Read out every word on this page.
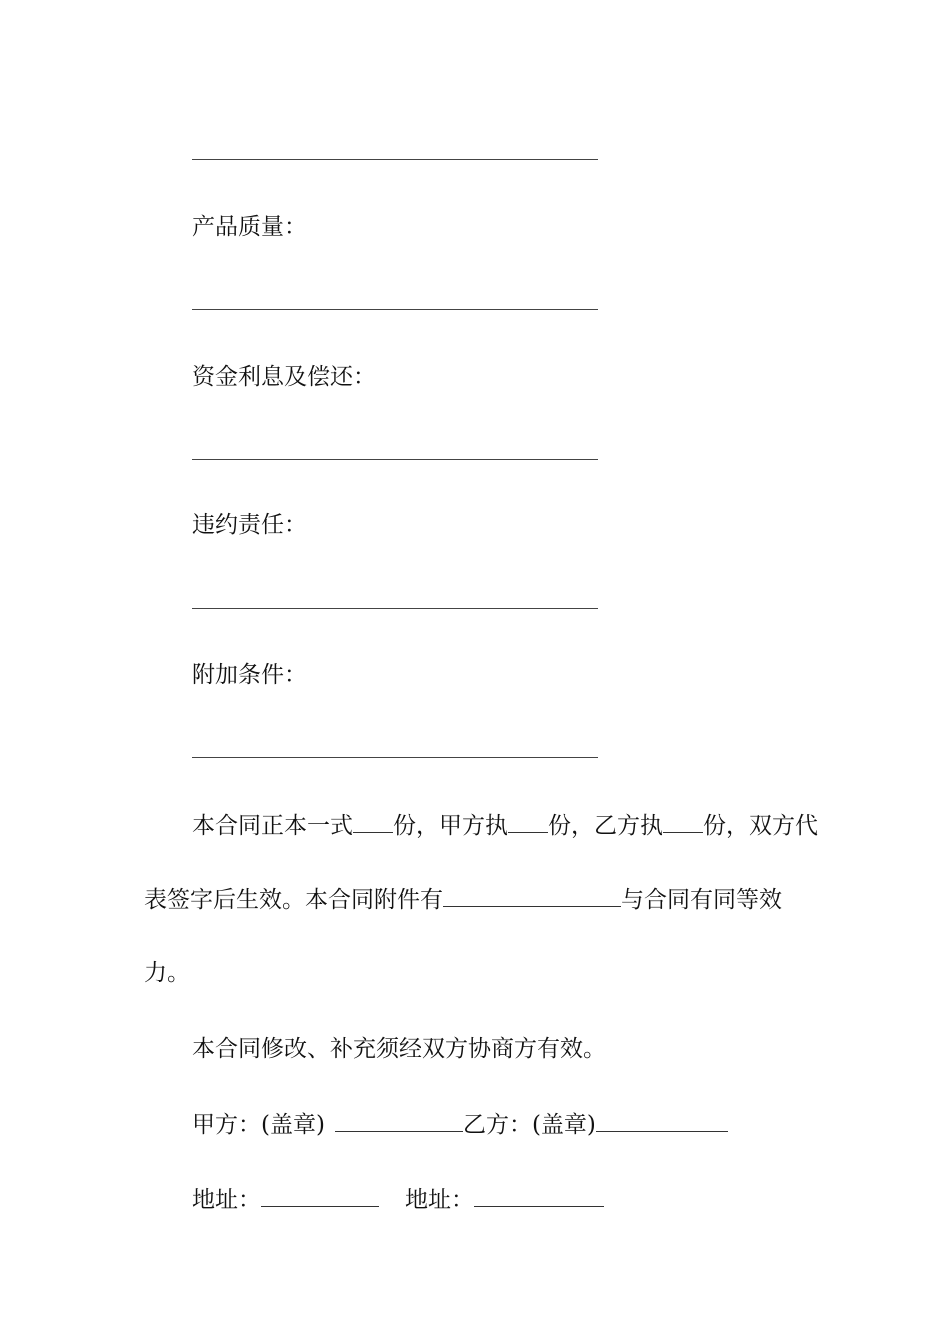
产品质量：
资金利息及偿还：
违约责任：
附加条件：
本合同正本一式 份，甲方执 份，乙方执 份，双方代
表签字后生效。本合同附件有	与合同有同等效
力。
本合同修改、补充须经双方协商方有效。
甲方：(盖章)	乙方：(盖章)
地址：	地址：
